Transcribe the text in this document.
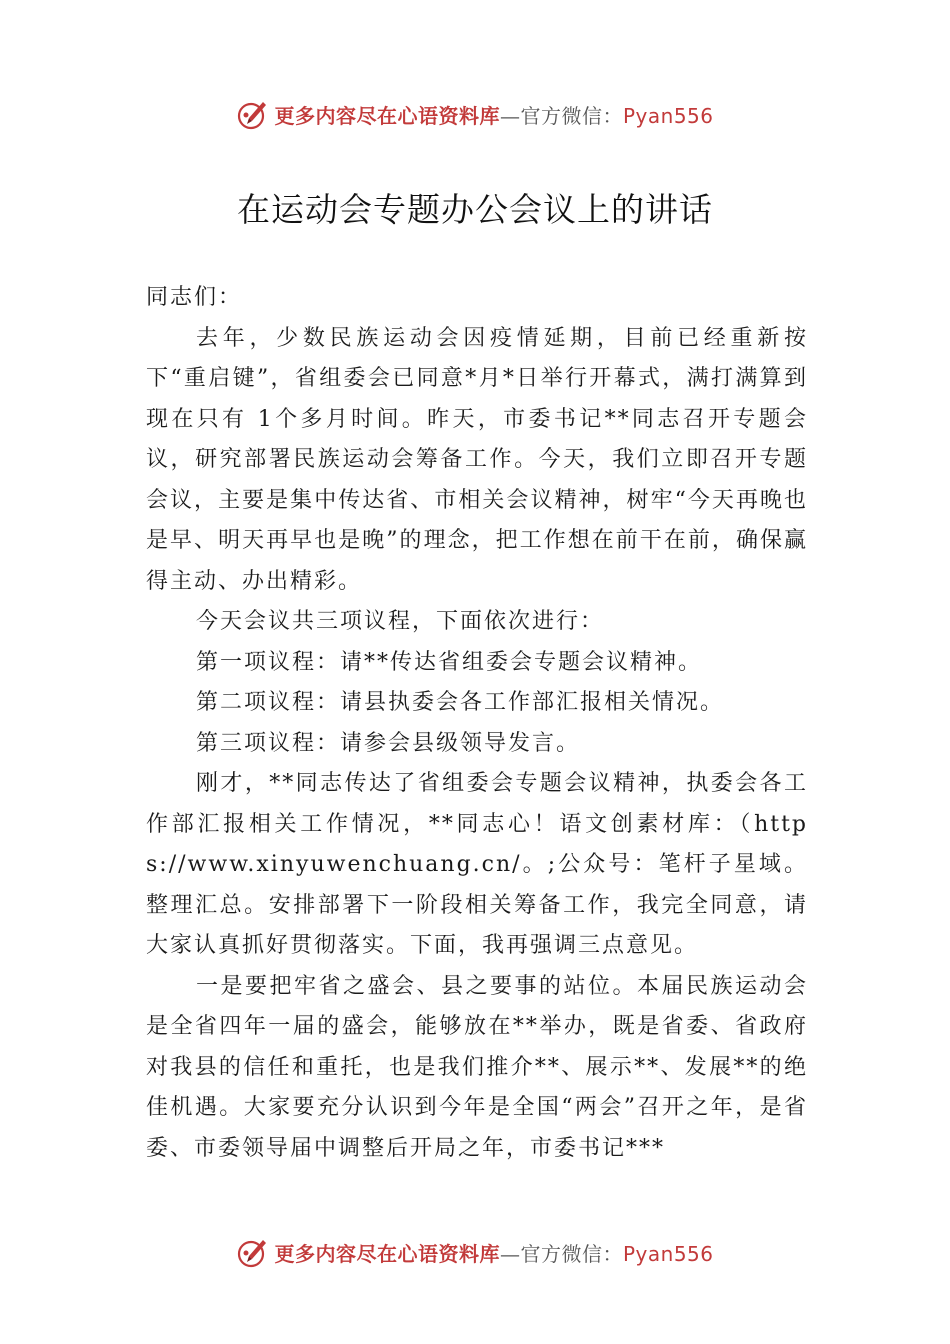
更多内容尽在心语资料库—官方微信：Pyan556
在运动会专题办公会议上的讲话

同志们：

去年，少数民族运动会因疫情延期，目前已经重新按下“重启键”，省组委会已同意*月*日举行开幕式，满打满算到现在只有 1个多月时间。昨天，市委书记**同志召开专题会议，研究部署民族运动会筹备工作。今天，我们立即召开专题会议，主要是集中传达省、市相关会议精神，树牢“今天再晚也是早、明天再早也是晚”的理念，把工作想在前干在前，确保赢得主动、办出精彩。

今天会议共三项议程，下面依次进行：

第一项议程：请**传达省组委会专题会议精神。

第二项议程：请县执委会各工作部汇报相关情况。

第三项议程：请参会县级领导发言。

刚才，**同志传达了省组委会专题会议精神，执委会各工作部汇报相关工作情况，**同志心！语文创素材库：（https://www.xinyuwenchuang.cn/。;公众号：笔杆子星域。整理汇总。安排部署下一阶段相关筹备工作，我完全同意，请大家认真抓好贯彻落实。下面，我再强调三点意见。

一是要把牢省之盛会、县之要事的站位。本届民族运动会是全省四年一届的盛会，能够放在**举办，既是省委、省政府对我县的信任和重托，也是我们推介**、展示**、发展**的绝佳机遇。大家要充分认识到今年是全国“两会”召开之年，是省委、市委领导届中调整后开局之年，市委书记***

更多内容尽在心语资料库—官方微信：Pyan556
